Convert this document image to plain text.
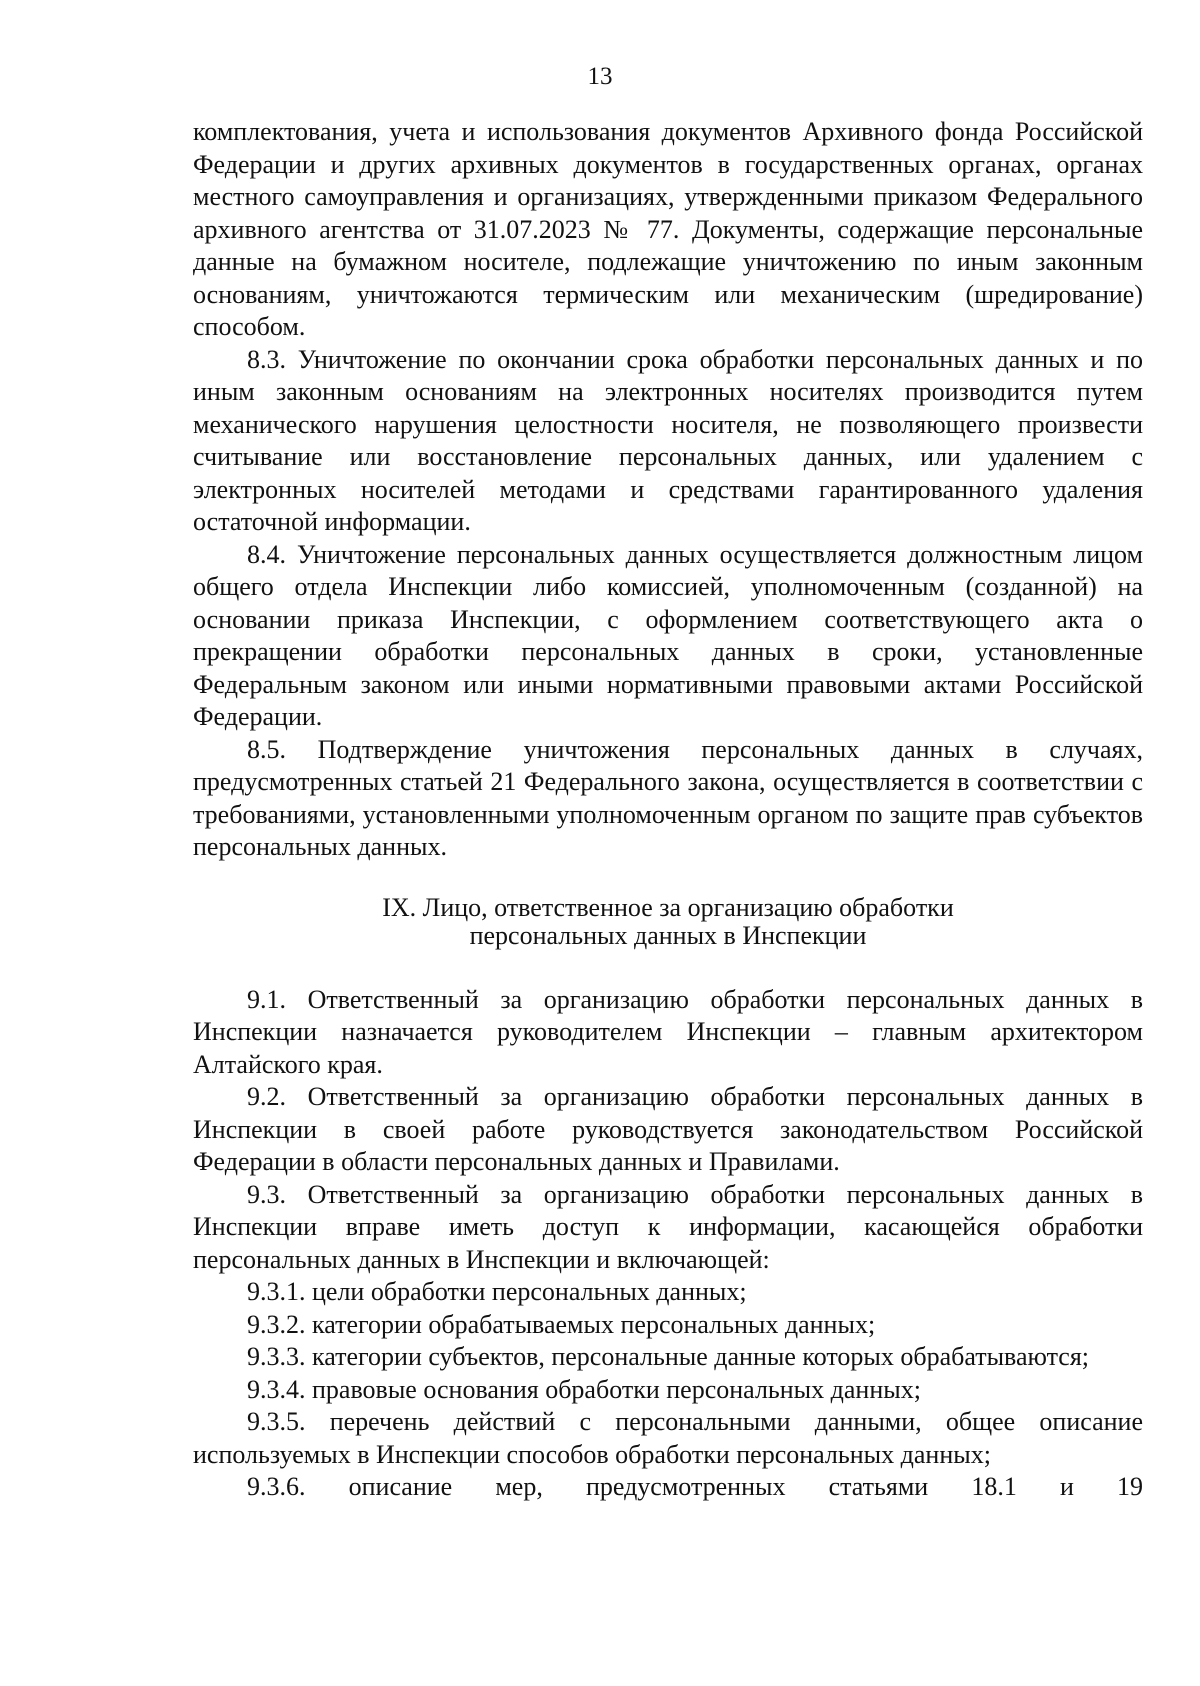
13

комплектования, учета и использования документов Архивного фонда Российской Федерации и других архивных документов в государственных органах, органах местного самоуправления и организациях, утвержденными приказом Федерального архивного агентства от 31.07.2023 № 77. Документы, содержащие персональные данные на бумажном носителе, подлежащие уничтожению по иным законным основаниям, уничтожаются термическим или механическим (шредирование) способом.

8.3. Уничтожение по окончании срока обработки персональных данных и по иным законным основаниям на электронных носителях производится путем механического нарушения целостности носителя, не позволяющего произвести считывание или восстановление персональных данных, или удалением с электронных носителей методами и средствами гарантированного удаления остаточной информации.

8.4. Уничтожение персональных данных осуществляется должностным лицом общего отдела Инспекции либо комиссией, уполномоченным (созданной) на основании приказа Инспекции, с оформлением соответствующего акта о прекращении обработки персональных данных в сроки, установленные Федеральным законом или иными нормативными правовыми актами Российской Федерации.

8.5. Подтверждение уничтожения персональных данных в случаях, предусмотренных статьей 21 Федерального закона, осуществляется в соответствии с требованиями, установленными уполномоченным органом по защите прав субъектов персональных данных.

IX. Лицо, ответственное за организацию обработки
персональных данных в Инспекции

9.1. Ответственный за организацию обработки персональных данных в Инспекции назначается руководителем Инспекции – главным архитектором Алтайского края.

9.2. Ответственный за организацию обработки персональных данных в Инспекции в своей работе руководствуется законодательством Российской Федерации в области персональных данных и Правилами.

9.3. Ответственный за организацию обработки персональных данных в Инспекции вправе иметь доступ к информации, касающейся обработки персональных данных в Инспекции и включающей:

9.3.1. цели обработки персональных данных;

9.3.2. категории обрабатываемых персональных данных;

9.3.3. категории субъектов, персональные данные которых обрабатываются;

9.3.4. правовые основания обработки персональных данных;

9.3.5. перечень действий с персональными данными, общее описание используемых в Инспекции способов обработки персональных данных;

9.3.6. описание мер, предусмотренных статьями 18.1 и 19
